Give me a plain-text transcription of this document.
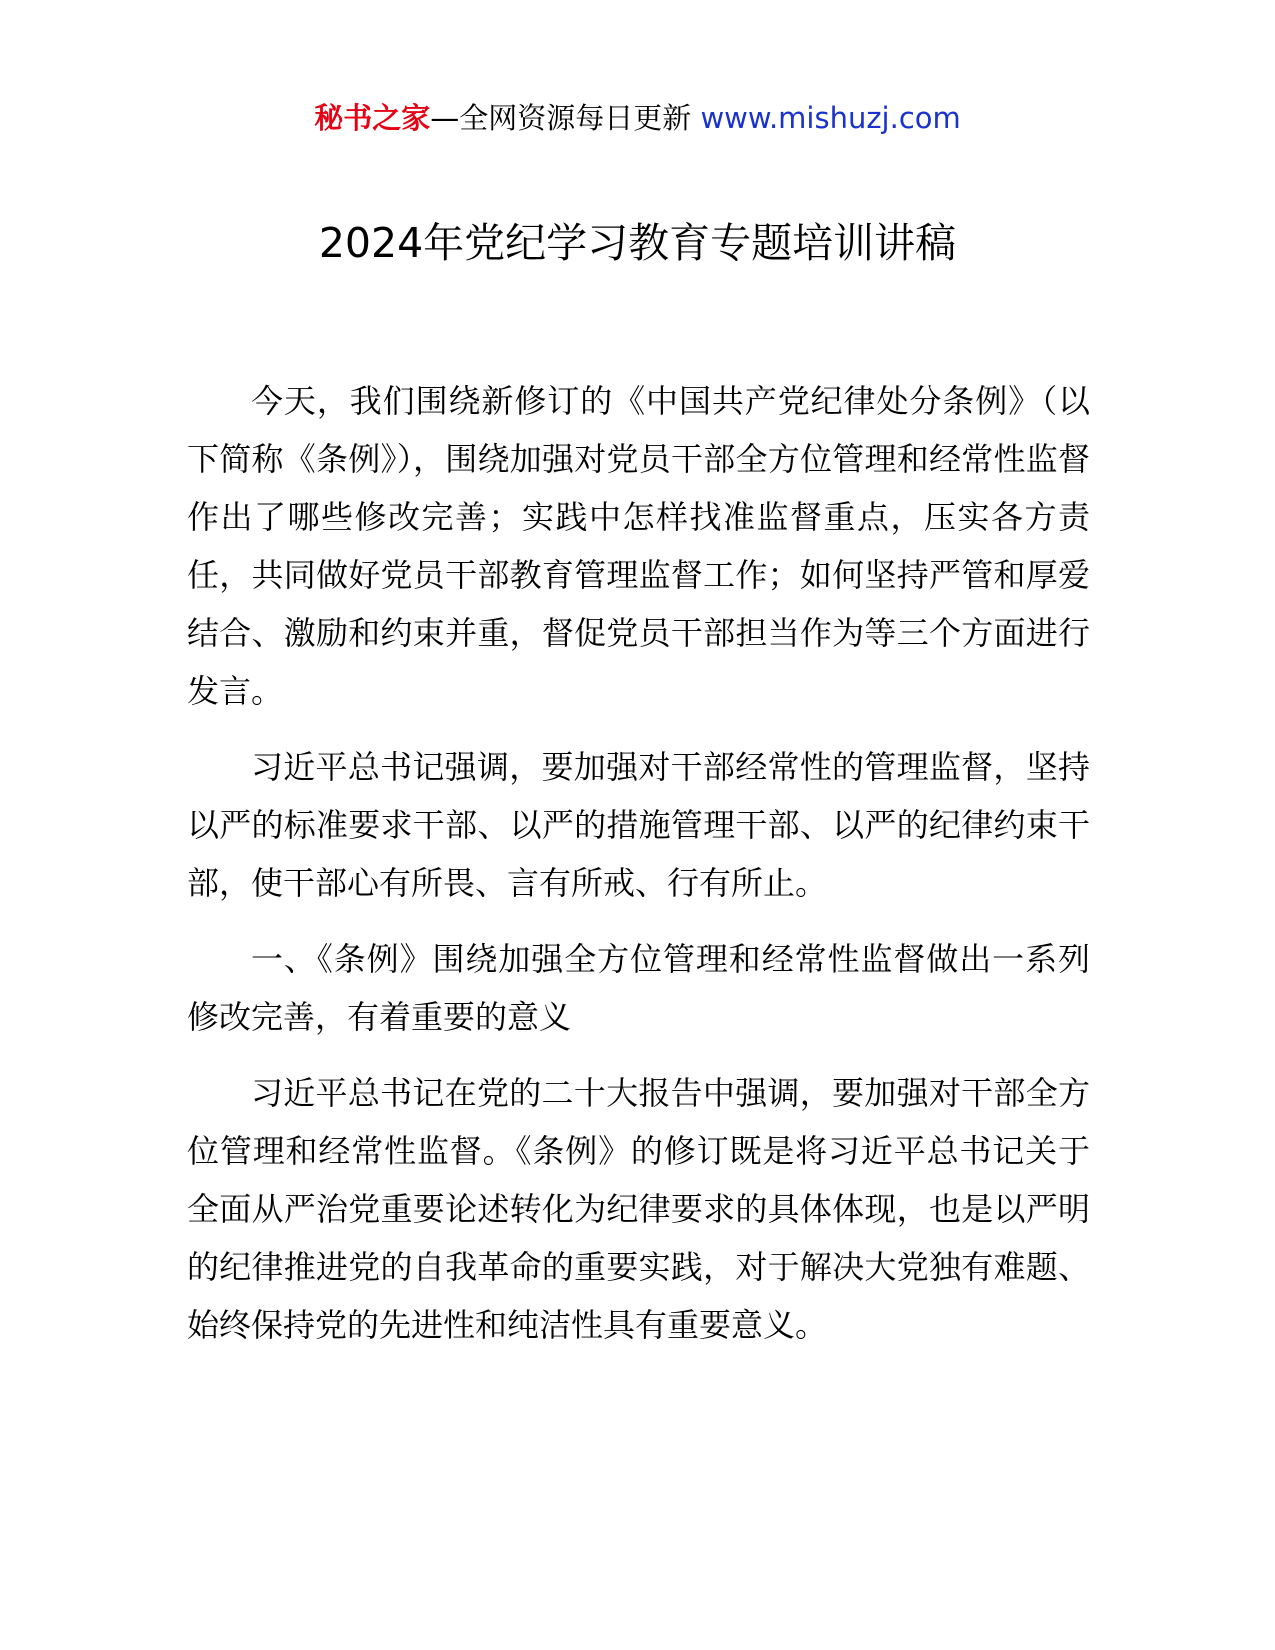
秘书之家—全网资源每日更新 www.mishuzj.com
2024年党纪学习教育专题培训讲稿

今天，我们围绕新修订的《中国共产党纪律处分条例》（以下简称《条例》），围绕加强对党员干部全方位管理和经常性监督作出了哪些修改完善；实践中怎样找准监督重点，压实各方责任，共同做好党员干部教育管理监督工作；如何坚持严管和厚爱结合、激励和约束并重，督促党员干部担当作为等三个方面进行发言。

习近平总书记强调，要加强对干部经常性的管理监督，坚持以严的标准要求干部、以严的措施管理干部、以严的纪律约束干部，使干部心有所畏、言有所戒、行有所止。

一、《条例》围绕加强全方位管理和经常性监督做出一系列修改完善，有着重要的意义

习近平总书记在党的二十大报告中强调，要加强对干部全方位管理和经常性监督。《条例》的修订既是将习近平总书记关于全面从严治党重要论述转化为纪律要求的具体体现，也是以严明的纪律推进党的自我革命的重要实践，对于解决大党独有难题、始终保持党的先进性和纯洁性具有重要意义。
